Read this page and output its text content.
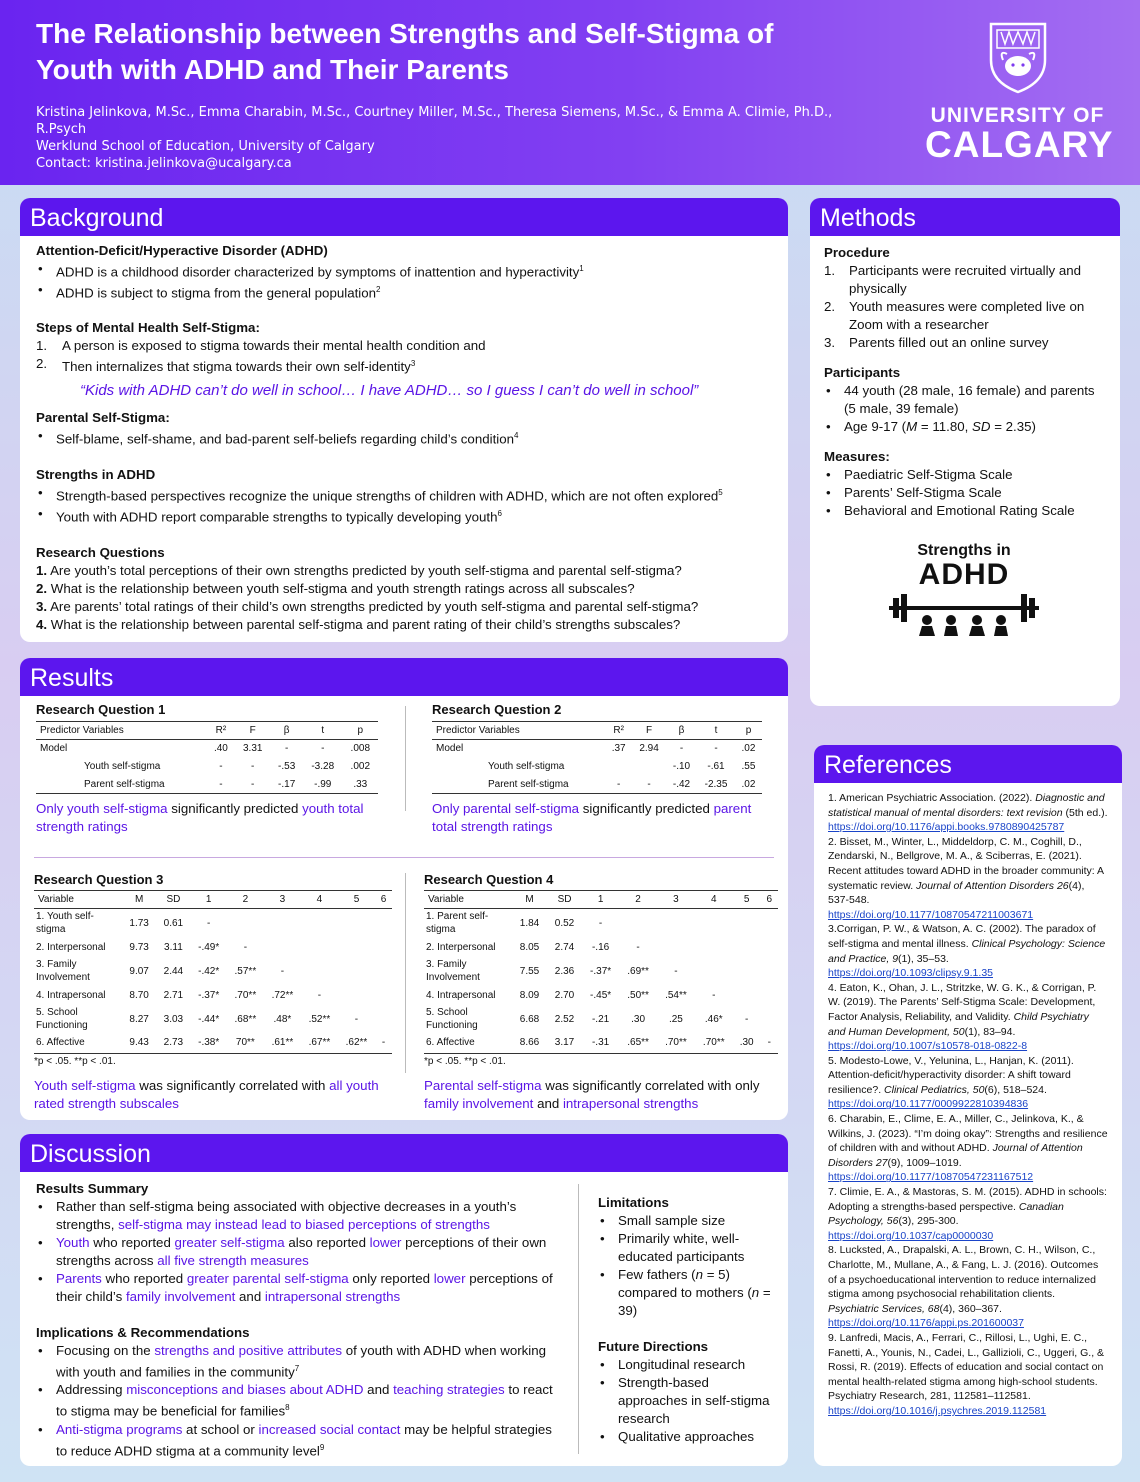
The Relationship between Strengths and Self-Stigma of Youth with ADHD and Their Parents
Kristina Jelinkova, M.Sc., Emma Charabin, M.Sc., Courtney Miller, M.Sc., Theresa Siemens, M.Sc., & Emma A. Climie, Ph.D., R.Psych
Werklund School of Education, University of Calgary
Contact: kristina.jelinkova@ucalgary.ca
UNIVERSITY OF
CALGARY
Background
Attention-Deficit/Hyperactive Disorder (ADHD)
• ADHD is a childhood disorder characterized by symptoms of inattention and hyperactivity$^1$
• ADHD is subject to stigma from the general population$^2$
Steps of Mental Health Self-Stigma:
1. A person is exposed to stigma towards their mental health condition and
2. Then internalizes that stigma towards their own self-identity$^3$
“Kids with ADHD can’t do well in school… I have ADHD… so I guess I can’t do well in school”
Parental Self-Stigma:
• Self-blame, self-shame, and bad-parent self-beliefs regarding child’s condition$^4$
Strengths in ADHD
• Strength-based perspectives recognize the unique strengths of children with ADHD, which are not often explored$^5$
• Youth with ADHD report comparable strengths to typically developing youth$^6$
Research Questions
1. Are youth’s total perceptions of their own strengths predicted by youth self-stigma and parental self-stigma?
2. What is the relationship between youth self-stigma and youth strength ratings across all subscales?
3. Are parents’ total ratings of their child’s own strengths predicted by youth self-stigma and parental self-stigma?
4. What is the relationship between parental self-stigma and parent rating of their child’s strengths subscales?
Methods
Procedure
1. Participants were recruited virtually and physically
2. Youth measures were completed live on Zoom with a researcher
3. Parents filled out an online survey
Participants
• 44 youth (28 male, 16 female) and parents (5 male, 39 female)
• Age 9-17 (M = 11.80, SD = 2.35)
Measures:
• Paediatric Self-Stigma Scale
• Parents’ Self-Stigma Scale
• Behavioral and Emotional Rating Scale
Strengths in
ADHD
Results
Research Question 1
Predictor Variables	R²	F	β	t	p
Model	.40	3.31	-	-	.008
Youth self-stigma	-	-	-.53	-3.28	.002
Parent self-stigma	-	-	-.17	-.99	.33
Only youth self-stigma significantly predicted youth total strength ratings
Research Question 2
Predictor Variables	R²	F	β	t	p
Model	.37	2.94	-	-	.02
Youth self-stigma			-.10	-.61	.55
Parent self-stigma	-	-	-.42	-2.35	.02
Only parental self-stigma significantly predicted parent total strength ratings
Research Question 3
Variable	M	SD	1	2	3	4	5	6
1. Youth self-stigma	1.73	0.61	-					
2. Interpersonal	9.73	3.11	-.49*	-				
3. Family Involvement	9.07	2.44	-.42*	.57**	-			
4. Intrapersonal	8.70	2.71	-.37*	.70**	.72**	-		
5. School Functioning	8.27	3.03	-.44*	.68**	.48*	.52**	-	
6. Affective	9.43	2.73	-.38*	70**	.61**	.67**	.62**	-
*p < .05. **p < .01.
Youth self-stigma was significantly correlated with all youth rated strength subscales
Research Question 4
Variable	M	SD	1	2	3	4	5	6
1. Parent self-stigma	1.84	0.52	-					
2. Interpersonal	8.05	2.74	-.16	-				
3. Family Involvement	7.55	2.36	-.37*	.69**	-			
4. Intrapersonal	8.09	2.70	-.45*	.50**	.54**	-		
5. School Functioning	6.68	2.52	-.21	.30	.25	.46*	-	
6. Affective	8.66	3.17	-.31	.65**	.70**	.70**	.30	-
*p < .05. **p < .01.
Parental self-stigma was significantly correlated with only family involvement and intrapersonal strengths
Discussion
Results Summary
• Rather than self-stigma being associated with objective decreases in a youth’s strengths, self-stigma may instead lead to biased perceptions of strengths
• Youth who reported greater self-stigma also reported lower perceptions of their own strengths across all five strength measures
• Parents who reported greater parental self-stigma only reported lower perceptions of their child’s family involvement and intrapersonal strengths
Implications & Recommendations
• Focusing on the strengths and positive attributes of youth with ADHD when working with youth and families in the community$^7$
• Addressing misconceptions and biases about ADHD and teaching strategies to react to stigma may be beneficial for families$^8$
• Anti-stigma programs at school or increased social contact may be helpful strategies to reduce ADHD stigma at a community level$^9$
Limitations
• Small sample size
• Primarily white, well-educated participants
• Few fathers (n = 5) compared to mothers (n = 39)
Future Directions
• Longitudinal research
• Strength-based approaches in self-stigma research
• Qualitative approaches
References
1. American Psychiatric Association. (2022). Diagnostic and statistical manual of mental disorders: text revision (5th ed.).
https://doi.org/10.1176/appi.books.9780890425787
2. Bisset, M., Winter, L., Middeldorp, C. M., Coghill, D., Zendarski, N., Bellgrove, M. A., & Sciberras, E. (2021). Recent attitudes toward ADHD in the broader community: A systematic review. Journal of Attention Disorders 26(4), 537-548.
https://doi.org/10.1177/10870547211003671
3.Corrigan, P. W., & Watson, A. C. (2002). The paradox of self-stigma and mental illness. Clinical Psychology: Science and Practice, 9(1), 35–53.
https://doi.org/10.1093/clipsy.9.1.35
4. Eaton, K., Ohan, J. L., Stritzke, W. G. K., & Corrigan, P. W. (2019). The Parents’ Self-Stigma Scale: Development, Factor Analysis, Reliability, and Validity. Child Psychiatry and Human Development, 50(1), 83–94. https://doi.org/10.1007/s10578-018-0822-8
5. Modesto-Lowe, V., Yelunina, L., Hanjan, K. (2011). Attention-deficit/hyperactivity disorder: A shift toward resilience?. Clinical Pediatrics, 50(6), 518–524.
https://doi.org/10.1177/0009922810394836
6. Charabin, E., Clime, E. A., Miller, C., Jelinkova, K., & Wilkins, J. (2023). “I’m doing okay”: Strengths and resilience of children with and without ADHD. Journal of Attention Disorders 27(9), 1009–1019.
https://doi.org/10.1177/10870547231167512
7. Climie, E. A., & Mastoras, S. M. (2015). ADHD in schools: Adopting a strengths-based perspective. Canadian Psychology, 56(3), 295-300.
https://doi.org/10.1037/cap0000030
8. Lucksted, A., Drapalski, A. L., Brown, C. H., Wilson, C., Charlotte, M., Mullane, A., & Fang, L. J. (2016). Outcomes of a psychoeducational intervention to reduce internalized stigma among psychosocial rehabilitation clients. Psychiatric Services, 68(4), 360–367. https://doi.org/10.1176/appi.ps.201600037
9. Lanfredi, Macis, A., Ferrari, C., Rillosi, L., Ughi, E. C., Fanetti, A., Younis, N., Cadei, L., Gallizioli, C., Uggeri, G., & Rossi, R. (2019). Effects of education and social contact on mental health-related stigma among high-school students. Psychiatry Research, 281, 112581–112581.
https://doi.org/10.1016/j.psychres.2019.112581
